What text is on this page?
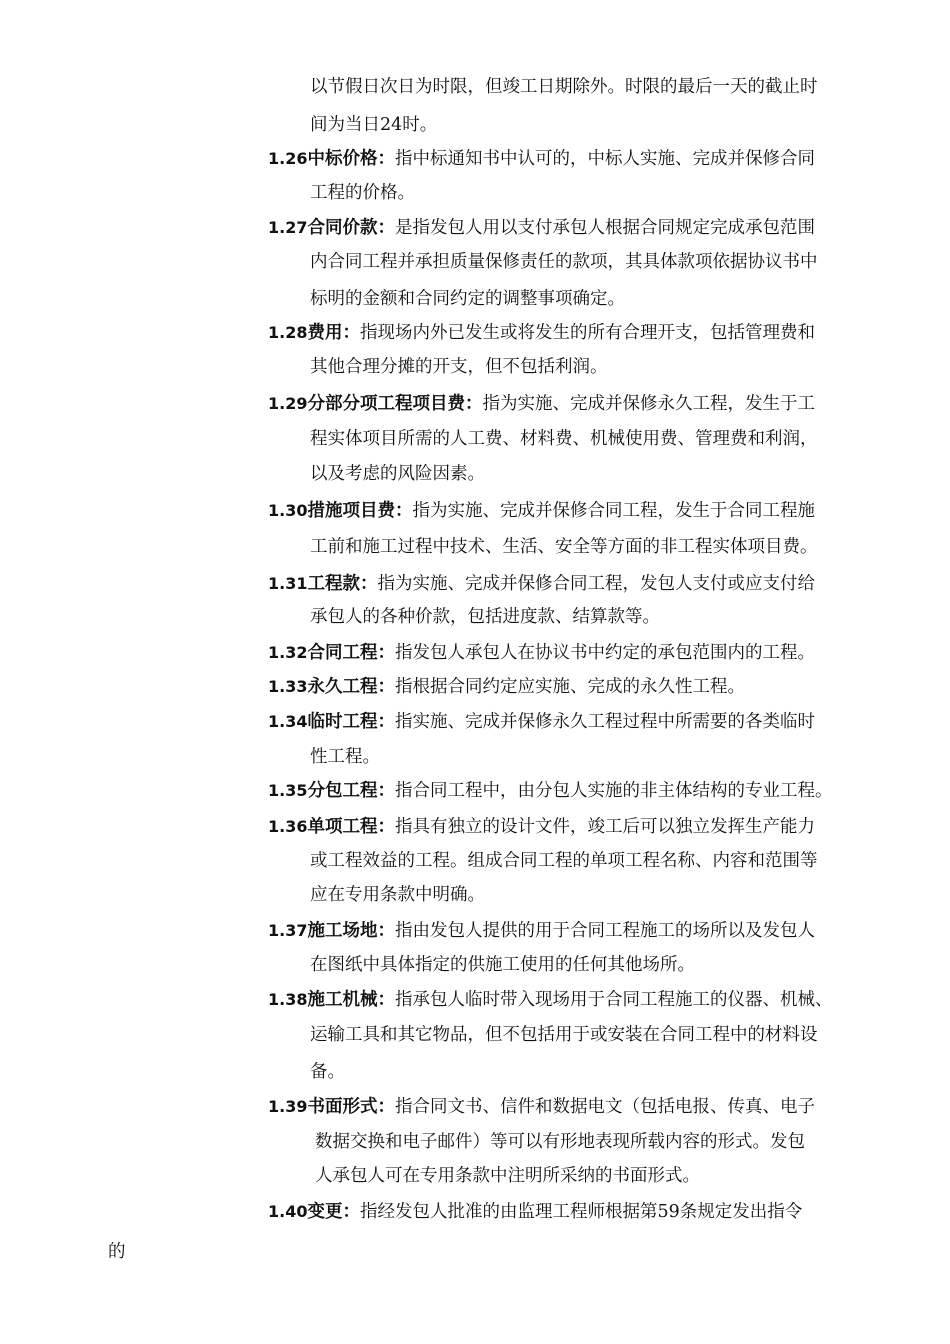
以节假日次日为时限，但竣工日期除外。时限的最后一天的截止时
间为当日24时。
1.26中标价格：指中标通知书中认可的，中标人实施、完成并保修合同
工程的价格。
1.27合同价款：是指发包人用以支付承包人根据合同规定完成承包范围
内合同工程并承担质量保修责任的款项，其具体款项依据协议书中
标明的金额和合同约定的调整事项确定。
1.28费用：指现场内外已发生或将发生的所有合理开支，包括管理费和
其他合理分摊的开支，但不包括利润。
1.29分部分项工程项目费：指为实施、完成并保修永久工程，发生于工
程实体项目所需的人工费、材料费、机械使用费、管理费和利润，
以及考虑的风险因素。
1.30措施项目费：指为实施、完成并保修合同工程，发生于合同工程施
工前和施工过程中技术、生活、安全等方面的非工程实体项目费。
1.31工程款：指为实施、完成并保修合同工程，发包人支付或应支付给
承包人的各种价款，包括进度款、结算款等。
1.32合同工程：指发包人承包人在协议书中约定的承包范围内的工程。
1.33永久工程：指根据合同约定应实施、完成的永久性工程。
1.34临时工程：指实施、完成并保修永久工程过程中所需要的各类临时
性工程。
1.35分包工程：指合同工程中，由分包人实施的非主体结构的专业工程。
1.36单项工程：指具有独立的设计文件，竣工后可以独立发挥生产能力
或工程效益的工程。组成合同工程的单项工程名称、内容和范围等
应在专用条款中明确。
1.37施工场地：指由发包人提供的用于合同工程施工的场所以及发包人
在图纸中具体指定的供施工使用的任何其他场所。
1.38施工机械：指承包人临时带入现场用于合同工程施工的仪器、机械、
运输工具和其它物品，但不包括用于或安装在合同工程中的材料设
备。
1.39书面形式：指合同文书、信件和数据电文（包括电报、传真、电子
数据交换和电子邮件）等可以有形地表现所载内容的形式。发包
人承包人可在专用条款中注明所采纳的书面形式。
1.40变更：指经发包人批准的由监理工程师根据第59条规定发出指令
的
